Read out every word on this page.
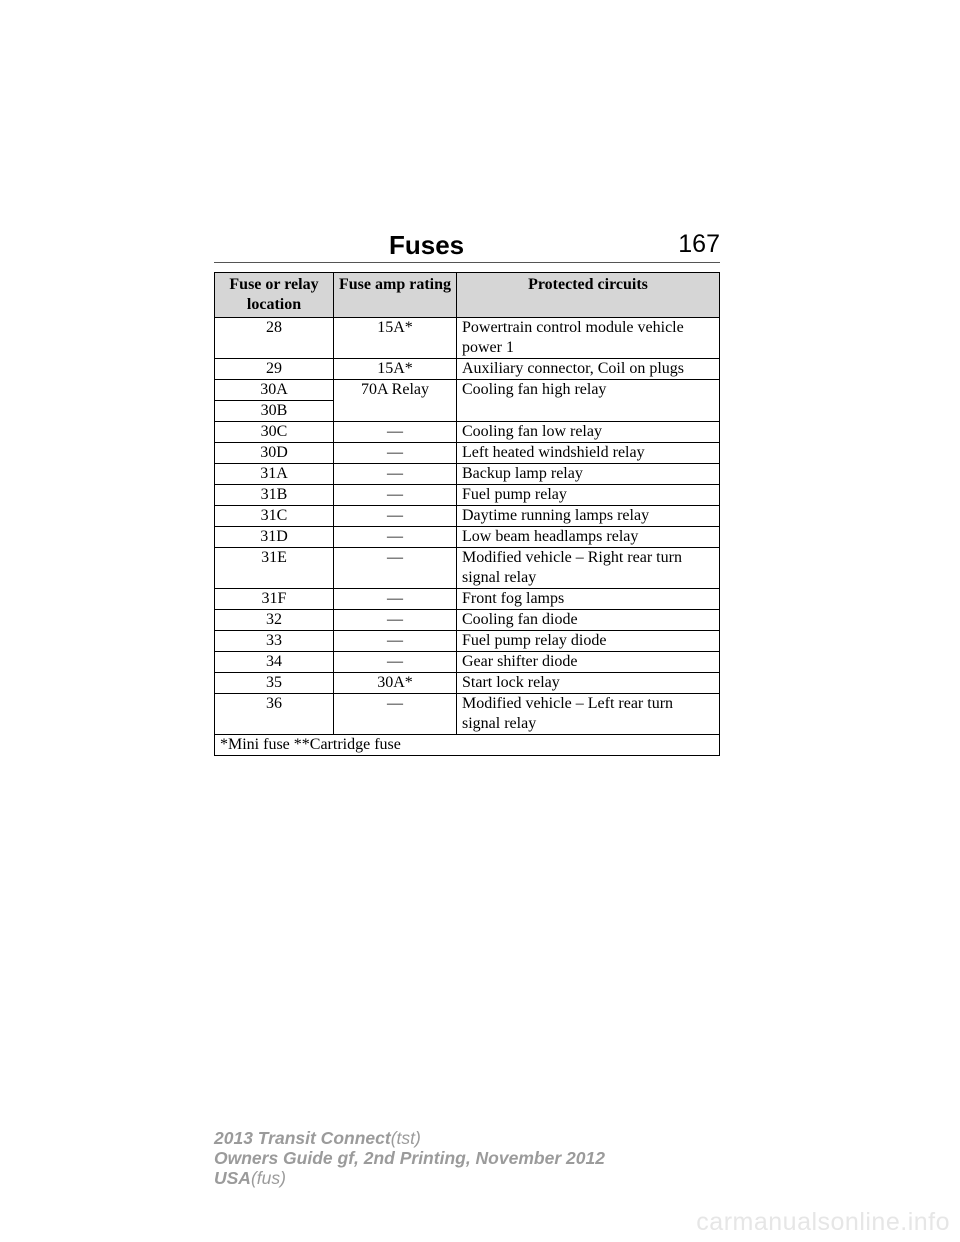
Fuses	167
Fuse or relay location	Fuse amp rating	Protected circuits
28	15A*	Powertrain control module vehicle power 1
29	15A*	Auxiliary connector, Coil on plugs
30A	70A Relay	Cooling fan high relay
30B		
30C	—	Cooling fan low relay
30D	—	Left heated windshield relay
31A	—	Backup lamp relay
31B	—	Fuel pump relay
31C	—	Daytime running lamps relay
31D	—	Low beam headlamps relay
31E	—	Modified vehicle – Right rear turn signal relay
31F	—	Front fog lamps
32	—	Cooling fan diode
33	—	Fuel pump relay diode
34	—	Gear shifter diode
35	30A*	Start lock relay
36	—	Modified vehicle – Left rear turn signal relay
*Mini fuse **Cartridge fuse		
2013 Transit Connect(tst)
Owners Guide gf, 2nd Printing, November 2012
USA(fus)
carmanualsonline.info
